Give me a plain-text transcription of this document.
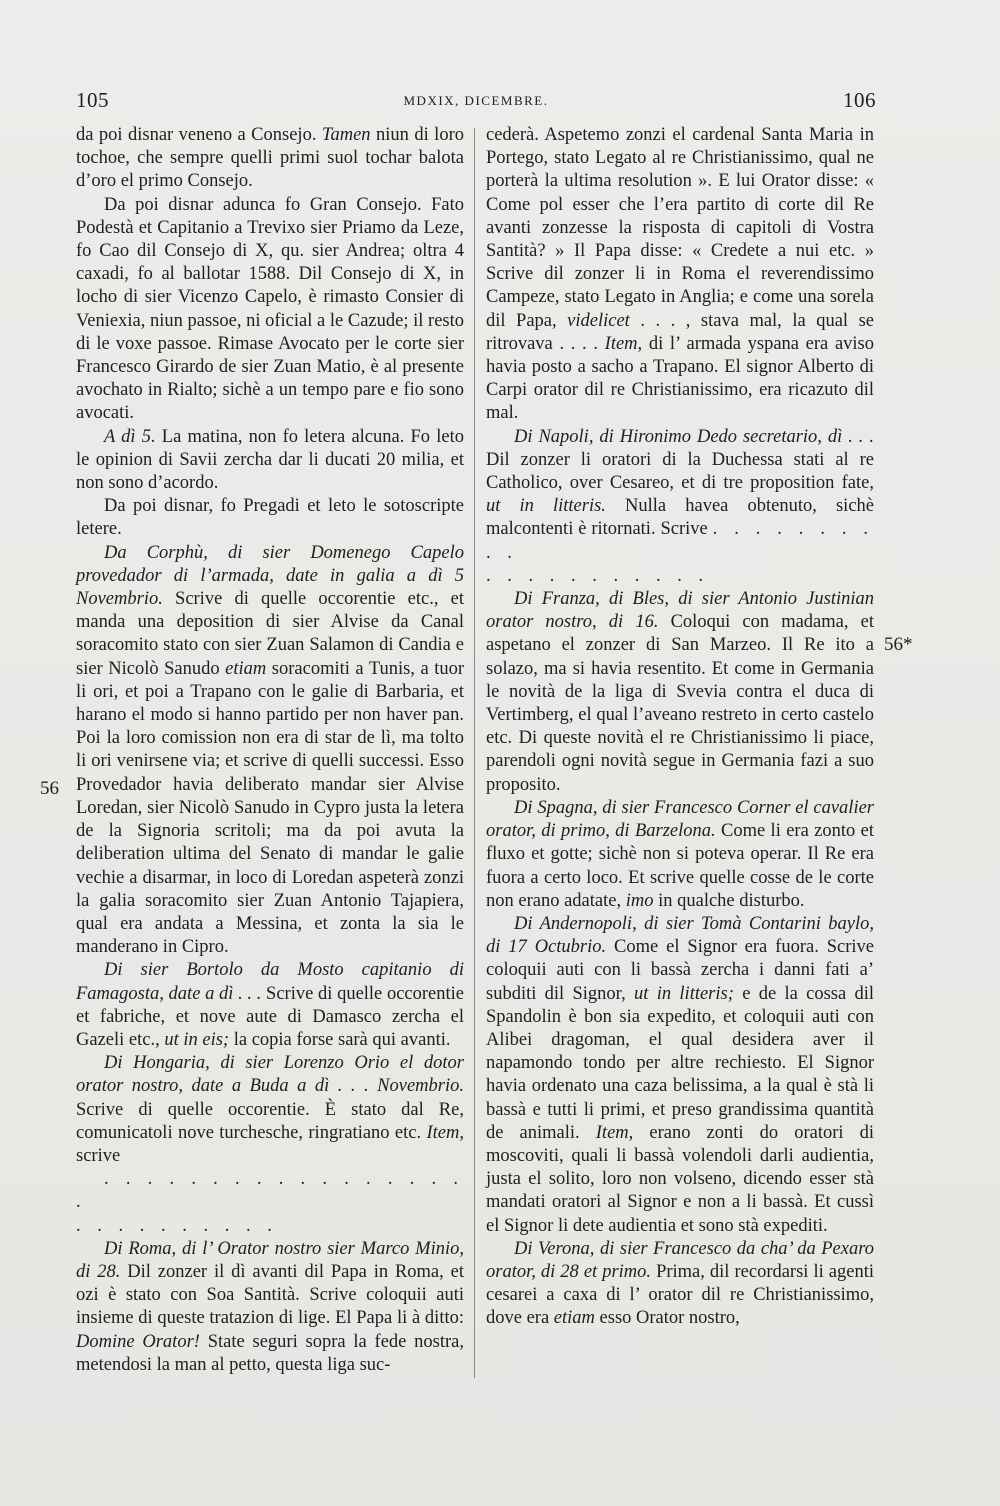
105	MDXIX, DICEMBRE.	106
56
56*

da poi disnar veneno a Consejo. Tamen niun di loro tochoe, che sempre quelli primi suol tochar balota d’oro el primo Consejo.

Da poi disnar adunca fo Gran Consejo. Fato Podestà et Capitanio a Trevixo sier Priamo da Leze, fo Cao dil Consejo di X, qu. sier Andrea; oltra 4 caxadi, fo al ballotar 1588. Dil Consejo di X, in locho di sier Vicenzo Capelo, è rimasto Consier di Veniexia, niun passoe, ni oficial a le Cazude; il resto di le voxe passoe. Rimase Avocato per le corte sier Francesco Girardo de sier Zuan Matio, è al presente avochato in Rialto; sichè a un tempo pare e fio sono avocati.

A dì 5. La matina, non fo letera alcuna. Fo leto le opinion di Savii zercha dar li ducati 20 milia, et non sono d’acordo.

Da poi disnar, fo Pregadi et leto le sotoscripte letere.

Da Corphù, di sier Domenego Capelo provedador di l’armada, date in galia a dì 5 Novembrio. Scrive di quelle occorentie etc., et manda una deposition di sier Alvise da Canal soracomito stato con sier Zuan Salamon di Candia e sier Nicolò Sanudo etiam soracomiti a Tunis, a tuor li ori, et poi a Trapano con le galie di Barbaria, et harano el modo si hanno partido per non haver pan. Poi la loro comission non era di star de lì, ma tolto li ori venirsene via; et scrive di quelli successi. Esso Provedador havia deliberato mandar sier Alvise Loredan, sier Nicolò Sanudo in Cypro justa la letera de la Signoria scritoli; ma da poi avuta la deliberation ultima del Senato di mandar le galie vechie a disarmar, in loco di Loredan aspeterà zonzi la galia soracomito sier Zuan Antonio Tajapiera, qual era andata a Messina, et zonta la sia le manderano in Cipro.

Di sier Bortolo da Mosto capitanio di Famagosta, date a dì . . . Scrive di quelle occorentie et fabriche, et nove aute di Damasco zercha el Gazeli etc., ut in eis; la copia forse sarà qui avanti.

Di Hongaria, di sier Lorenzo Orio el dotor orator nostro, date a Buda a dì . . . Novembrio. Scrive di quelle occorentie. È stato dal Re, comunicatoli nove turchesche, ringratiano etc. Item, scrive

. . . . . . . . . . . . . . . . . .

. . . . . . . . . .

Di Roma, di l’ Orator nostro sier Marco Minio, di 28. Dil zonzer il dì avanti dil Papa in Roma, et ozi è stato con Soa Santità. Scrive coloquii auti insieme di queste tratazion di lige. El Papa li à ditto: Domine Orator! State seguri sopra la fede nostra, metendosi la man al petto, questa liga suc-

cederà. Aspetemo zonzi el cardenal Santa Maria in Portego, stato Legato al re Christianissimo, qual ne porterà la ultima resolution ». E lui Orator disse: « Come pol esser che l’era partito di corte dil Re avanti zonzesse la risposta di capitoli di Vostra Santità? » Il Papa disse: « Credete a nui etc. » Scrive dil zonzer li in Roma el reverendissimo Campeze, stato Legato in Anglia; e come una sorela dil Papa, videlicet . . . , stava mal, la qual se ritrovava . . . . Item, di l’ armada yspana era aviso havia posto a sacho a Trapano. El signor Alberto di Carpi orator dil re Christianissimo, era ricazuto dil mal.

Di Napoli, di Hironimo Dedo secretario, dì . . . Dil zonzer li oratori di la Duchessa stati al re Catholico, over Cesareo, et di tre proposition fate, ut in litteris. Nulla havea obtenuto, sichè malcontenti è ritornati. Scrive . . . . . . . . . .

. . . . . . . . . . .

Di Franza, di Bles, di sier Antonio Justinian orator nostro, di 16. Coloqui con madama, et aspetano el zonzer di San Marzeo. Il Re ito a solazo, ma si havia resentito. Et come in Germania le novità de la liga di Svevia contra el duca di Vertimberg, el qual l’aveano restreto in certo castelo etc. Di queste novità el re Christianissimo li piace, parendoli ogni novità segue in Germania fazi a suo proposito.

Di Spagna, di sier Francesco Corner el cavalier orator, di primo, di Barzelona. Come li era zonto et fluxo et gotte; sichè non si poteva operar. Il Re era fuora a certo loco. Et scrive quelle cosse de le corte non erano adatate, imo in qualche disturbo.

Di Andernopoli, di sier Tomà Contarini baylo, di 17 Octubrio. Come el Signor era fuora. Scrive coloquii auti con li bassà zercha i danni fati a’ subditi dil Signor, ut in litteris; e de la cossa dil Spandolin è bon sia expedito, et coloquii auti con Alibei dragoman, el qual desidera aver il napamondo tondo per altre rechiesto. El Signor havia ordenato una caza belissima, a la qual è stà li bassà e tutti li primi, et preso grandissima quantità de animali. Item, erano zonti do oratori di moscoviti, quali li bassà volendoli darli audientia, justa el solito, loro non volseno, dicendo esser stà mandati oratori al Signor e non a li bassà. Et cussì el Signor li dete audientia et sono stà expediti.

Di Verona, di sier Francesco da cha’ da Pexaro orator, di 28 et primo. Prima, dil recordarsi li agenti cesarei a caxa di l’ orator dil re Christianissimo, dove era etiam esso Orator nostro,
